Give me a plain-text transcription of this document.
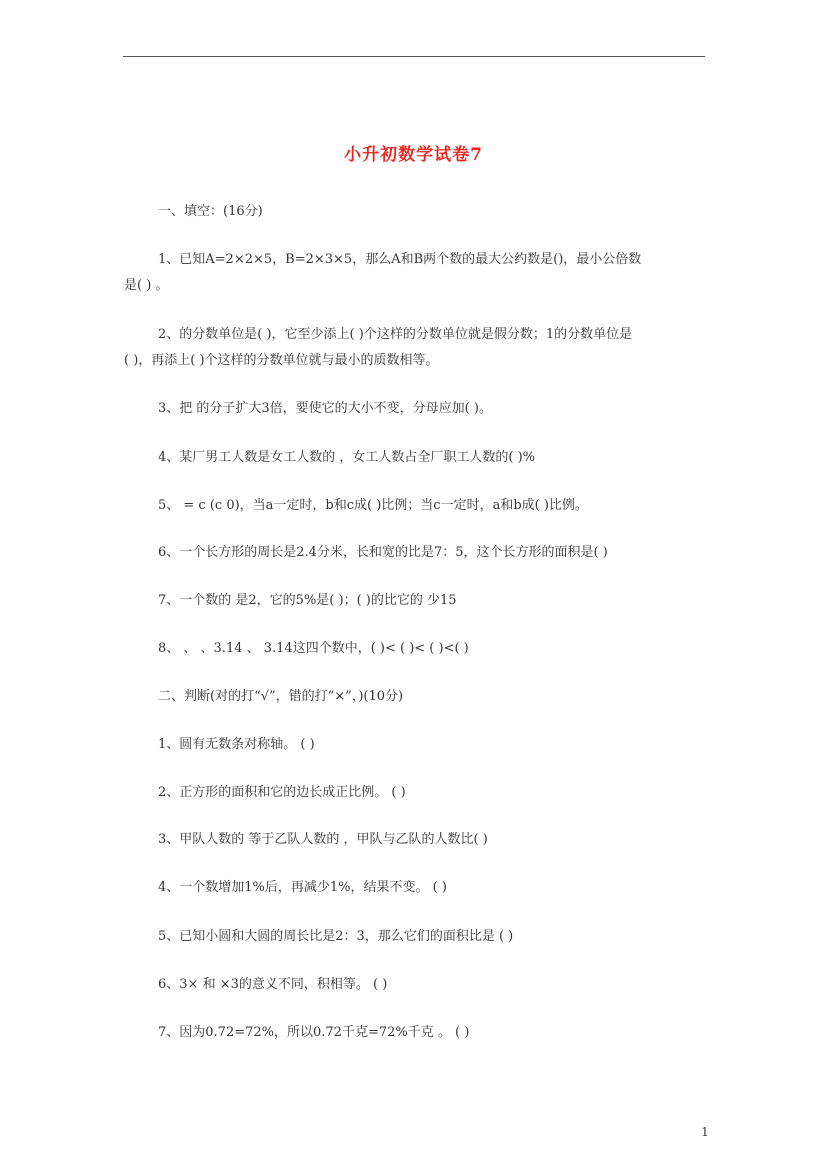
小升初数学试卷7
一、填空：(16分)
1、已知A=2×2×5，B=2×3×5，那么A和B两个数的最大公约数是()，最小公倍数
是( ) 。
2、的分数单位是( )，它至少添上( )个这样的分数单位就是假分数；1的分数单位是
( )，再添上( )个这样的分数单位就与最小的质数相等。
3、把 的分子扩大3倍，要使它的大小不变，分母应加( )。
4、某厂男工人数是女工人数的 ，女工人数占全厂职工人数的( )%
5、 = c (c 0)，当a一定时，b和c成( )比例；当c一定时，a和b成( )比例。
6、一个长方形的周长是2.4分米，长和宽的比是7：5，这个长方形的面积是( )
7、一个数的 是2，它的5%是( )；( )的比它的 少15
8、 、 、3.14 、 3.14这四个数中，( )< ( )< ( )<( )
二、判断(对的打“√”，错的打“×”，)(10分)
1、圆有无数条对称轴。 ( )
2、正方形的面积和它的边长成正比例。 ( )
3、甲队人数的 等于乙队人数的 ，甲队与乙队的人数比( )
4、一个数增加1%后，再减少1%，结果不变。 ( )
5、已知小圆和大圆的周长比是2：3，那么它们的面积比是 ( )
6、3× 和 ×3的意义不同，积相等。 ( )
7、因为0.72=72%，所以0.72千克=72%千克 。 ( )
1
